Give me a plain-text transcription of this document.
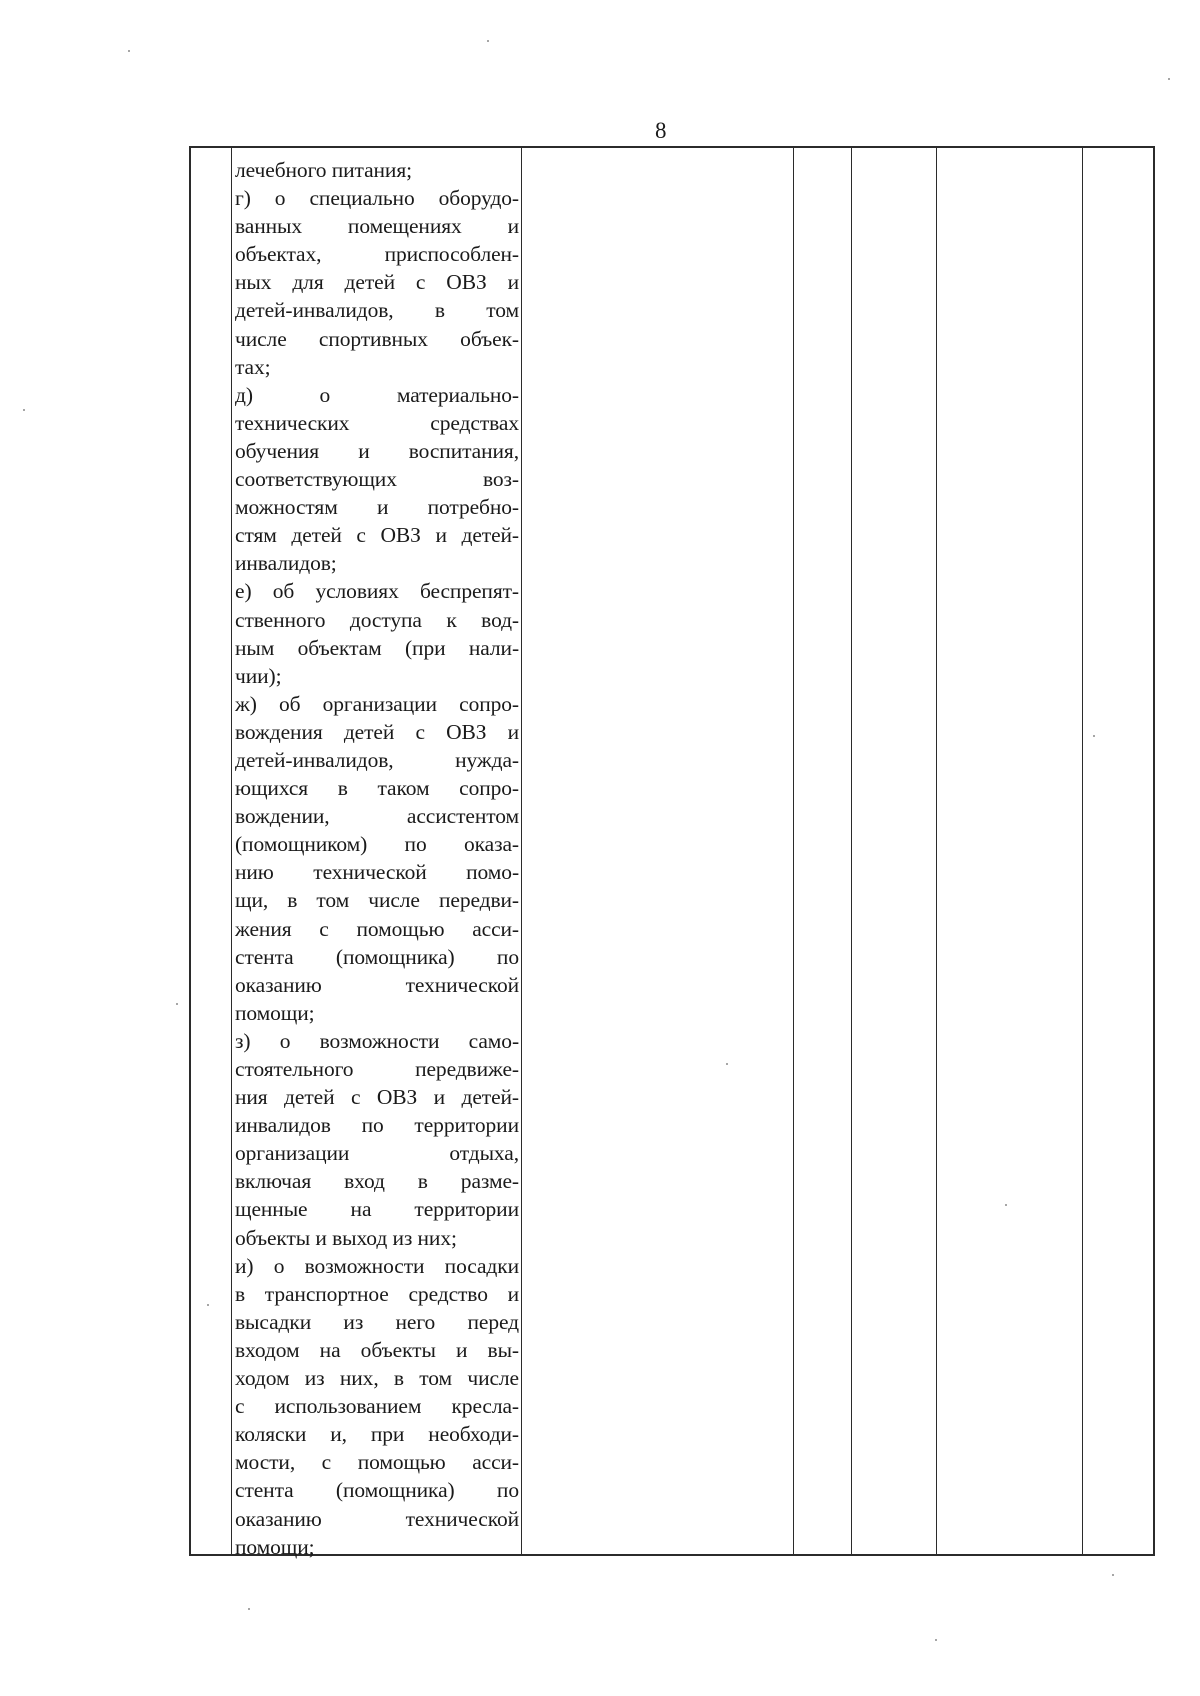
8
лечебного питания;
г) о специально оборудо-
ванных помещениях и
объектах, приспособлен-
ных для детей с ОВЗ и
детей-инвалидов, в том
числе спортивных объек-
тах;
д) о материально-
технических средствах
обучения и воспитания,
соответствующих воз-
можностям и потребно-
стям детей с ОВЗ и детей-
инвалидов;
е) об условиях беспрепят-
ственного доступа к вод-
ным объектам (при нали-
чии);
ж) об организации сопро-
вождения детей с ОВЗ и
детей-инвалидов, нужда-
ющихся в таком сопро-
вождении, ассистентом
(помощником) по оказа-
нию технической помо-
щи, в том числе передви-
жения с помощью асси-
стента (помощника) по
оказанию технической
помощи;
з) о возможности само-
стоятельного передвиже-
ния детей с ОВЗ и детей-
инвалидов по территории
организации отдыха,
включая вход в разме-
щенные на территории
объекты и выход из них;
и) о возможности посадки
в транспортное средство и
высадки из него перед
входом на объекты и вы-
ходом из них, в том числе
с использованием кресла-
коляски и, при необходи-
мости, с помощью асси-
стента (помощника) по
оказанию технической
помощи;
